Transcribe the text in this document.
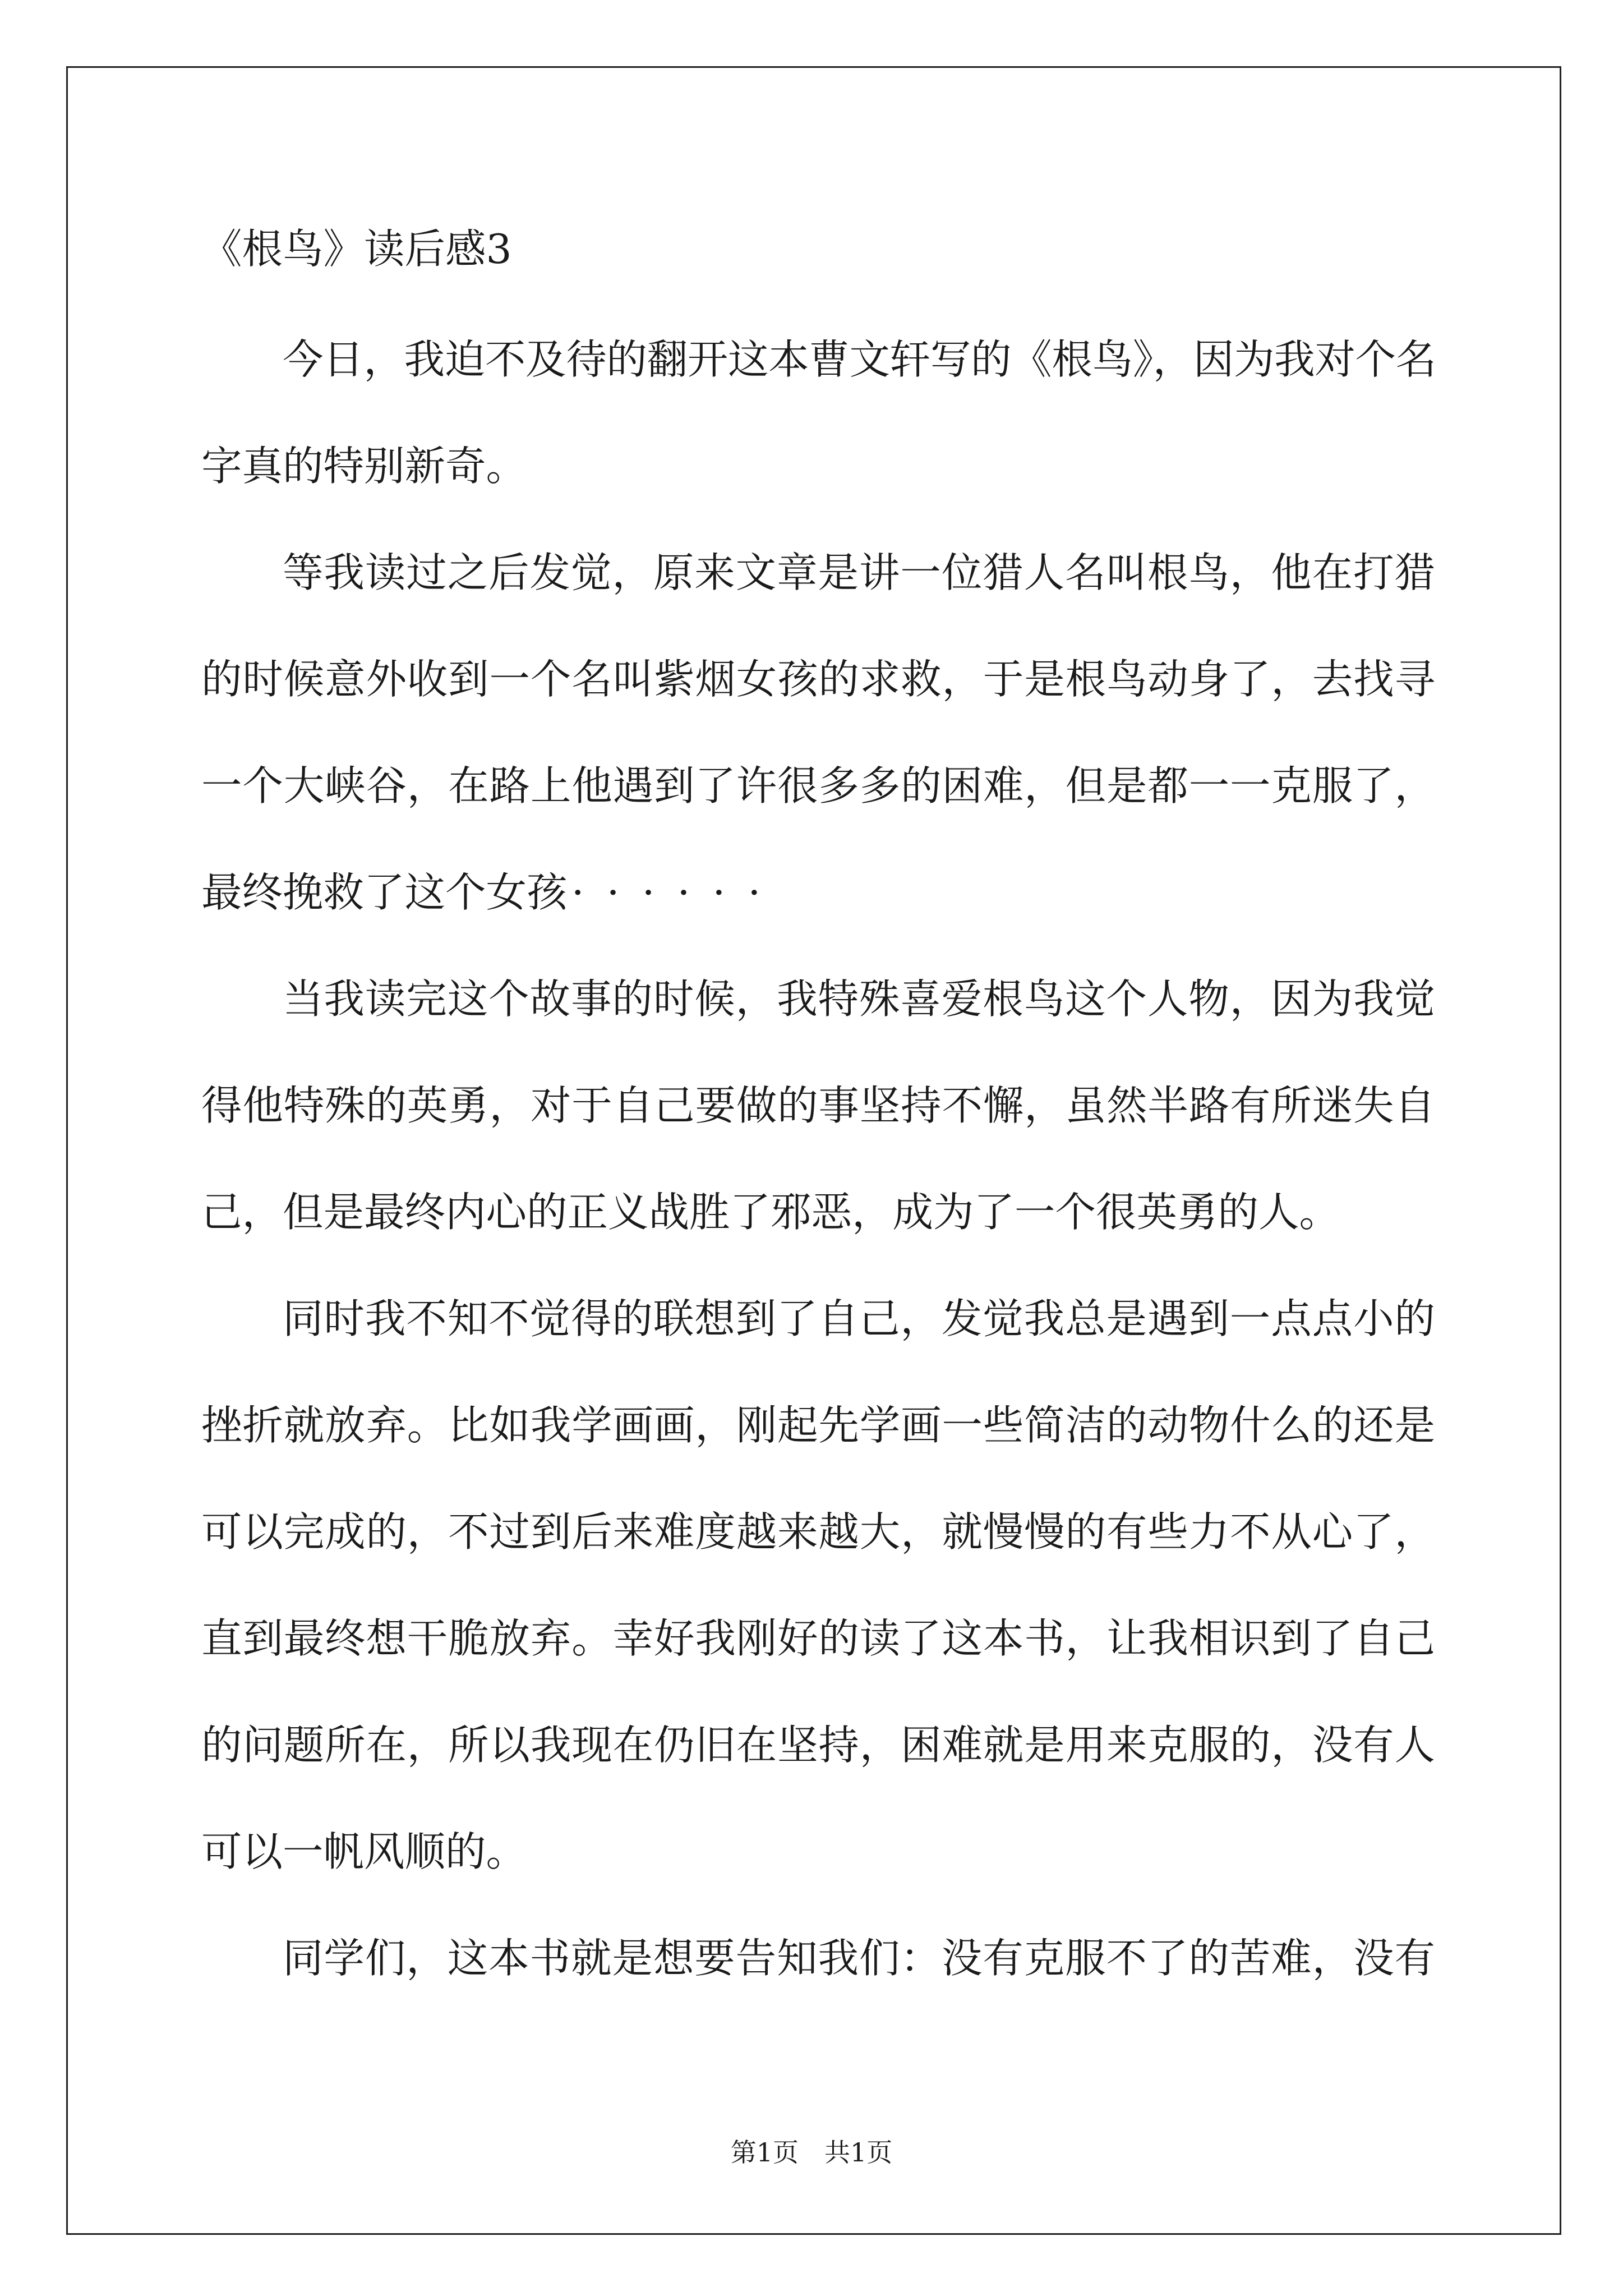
《根鸟》读后感3
今日，我迫不及待的翻开这本曹文轩写的《根鸟》，因为我对个名
字真的特别新奇。
等我读过之后发觉，原来文章是讲一位猎人名叫根鸟，他在打猎
的时候意外收到一个名叫紫烟女孩的求救，于是根鸟动身了，去找寻
一个大峡谷，在路上他遇到了许很多多的困难，但是都一一克服了，
最终挽救了这个女孩 ······
当我读完这个故事的时候，我特殊喜爱根鸟这个人物，因为我觉
得他特殊的英勇，对于自己要做的事坚持不懈，虽然半路有所迷失自
己，但是最终内心的正义战胜了邪恶，成为了一个很英勇的人。
同时我不知不觉得的联想到了自己，发觉我总是遇到一点点小的
挫折就放弃。比如我学画画，刚起先学画一些简洁的动物什么的还是
可以完成的，不过到后来难度越来越大，就慢慢的有些力不从心了，
直到最终想干脆放弃。幸好我刚好的读了这本书，让我相识到了自己
的问题所在，所以我现在仍旧在坚持，困难就是用来克服的，没有人
可以一帆风顺的。
同学们，这本书就是想要告知我们：没有克服不了的苦难，没有
第1页　共1页
